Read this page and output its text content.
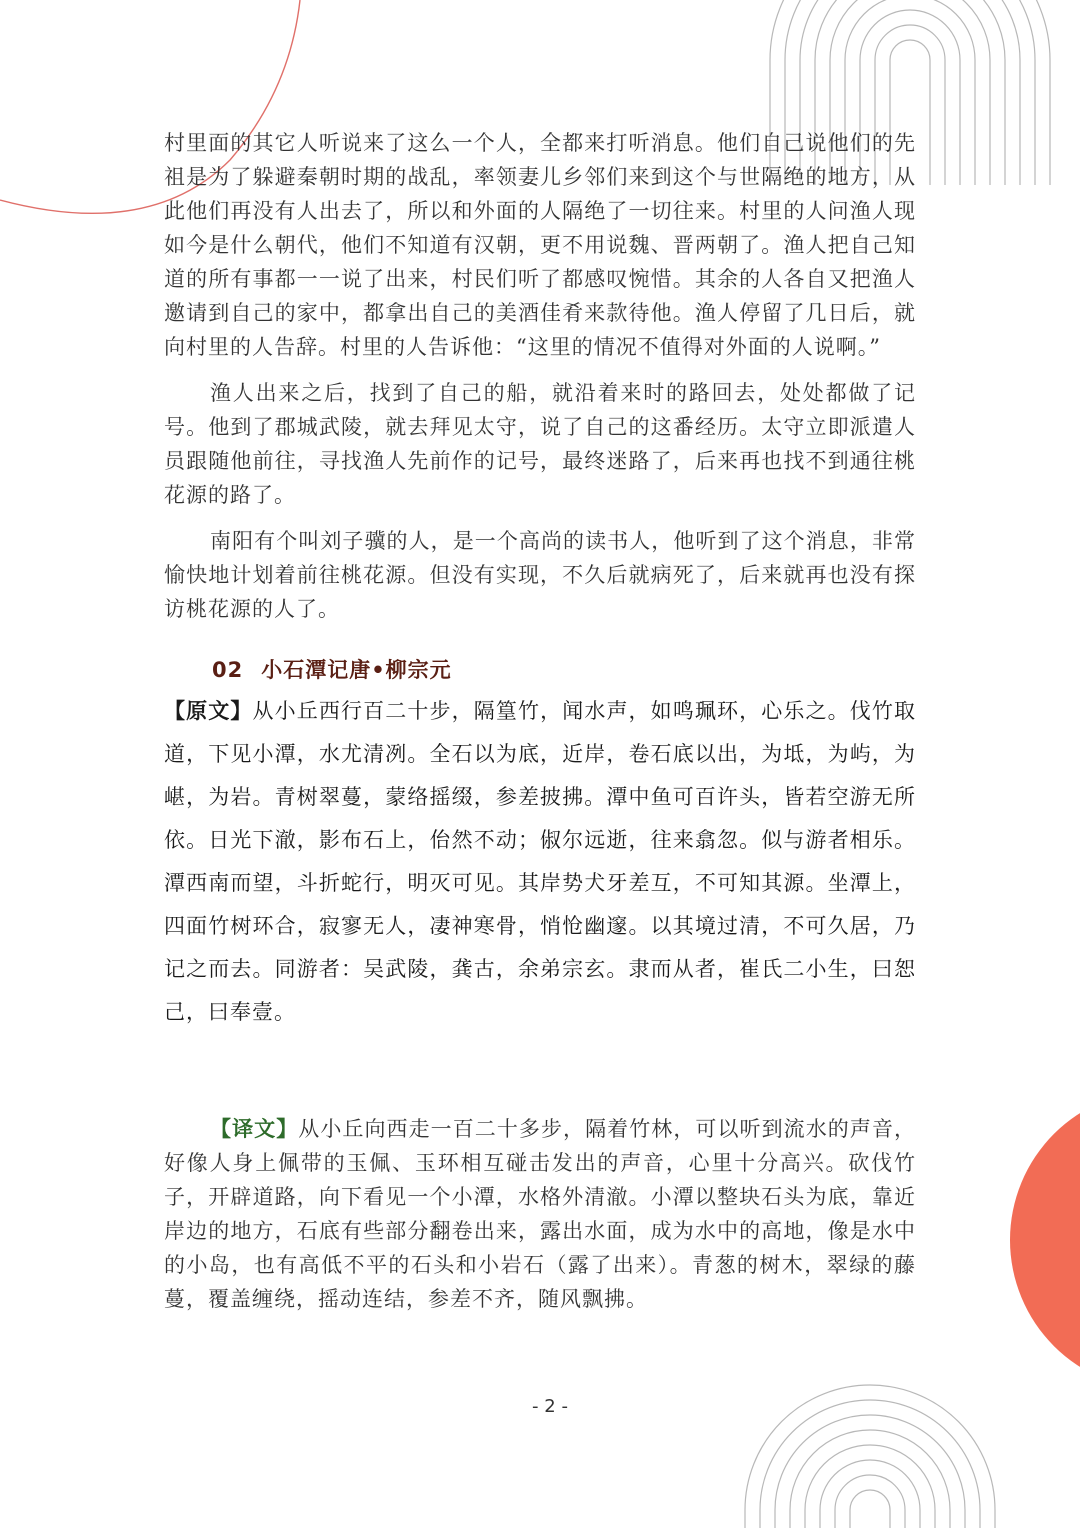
村里面的其它人听说来了这么一个人，全都来打听消息。他们自己说他们的先祖是为了躲避秦朝时期的战乱，率领妻儿乡邻们来到这个与世隔绝的地方，从此他们再没有人出去了，所以和外面的人隔绝了一切往来。村里的人问渔人现如今是什么朝代，他们不知道有汉朝，更不用说魏、晋两朝了。渔人把自己知道的所有事都一一说了出来，村民们听了都感叹惋惜。其余的人各自又把渔人邀请到自己的家中，都拿出自己的美酒佳肴来款待他。渔人停留了几日后，就向村里的人告辞。村里的人告诉他：“这里的情况不值得对外面的人说啊。”

渔人出来之后，找到了自己的船，就沿着来时的路回去，处处都做了记号。他到了郡城武陵，就去拜见太守，说了自己的这番经历。太守立即派遣人员跟随他前往，寻找渔人先前作的记号，最终迷路了，后来再也找不到通往桃花源的路了。

南阳有个叫刘子骥的人，是一个高尚的读书人，他听到了这个消息，非常愉快地计划着前往桃花源。但没有实现，不久后就病死了，后来就再也没有探访桃花源的人了。

02 小石潭记唐•柳宗元

【原文】从小丘西行百二十步，隔篁竹，闻水声，如鸣珮环，心乐之。伐竹取道，下见小潭，水尤清冽。全石以为底，近岸，卷石底以出，为坻，为屿，为嵁，为岩。青树翠蔓，蒙络摇缀，参差披拂。潭中鱼可百许头，皆若空游无所依。日光下澈，影布石上，佁然不动；俶尔远逝，往来翕忽。似与游者相乐。潭西南而望，斗折蛇行，明灭可见。其岸势犬牙差互，不可知其源。坐潭上，四面竹树环合，寂寥无人，凄神寒骨，悄怆幽邃。以其境过清，不可久居，乃记之而去。同游者：吴武陵，龚古，余弟宗玄。隶而从者，崔氏二小生，曰恕己，曰奉壹。

【译文】从小丘向西走一百二十多步，隔着竹林，可以听到流水的声音，好像人身上佩带的玉佩、玉环相互碰击发出的声音，心里十分高兴。砍伐竹子，开辟道路，向下看见一个小潭，水格外清澈。小潭以整块石头为底，靠近岸边的地方，石底有些部分翻卷出来，露出水面，成为水中的高地，像是水中的小岛，也有高低不平的石头和小岩石（露了出来）。青葱的树木，翠绿的藤蔓，覆盖缠绕，摇动连结，参差不齐，随风飘拂。

- 2 -
